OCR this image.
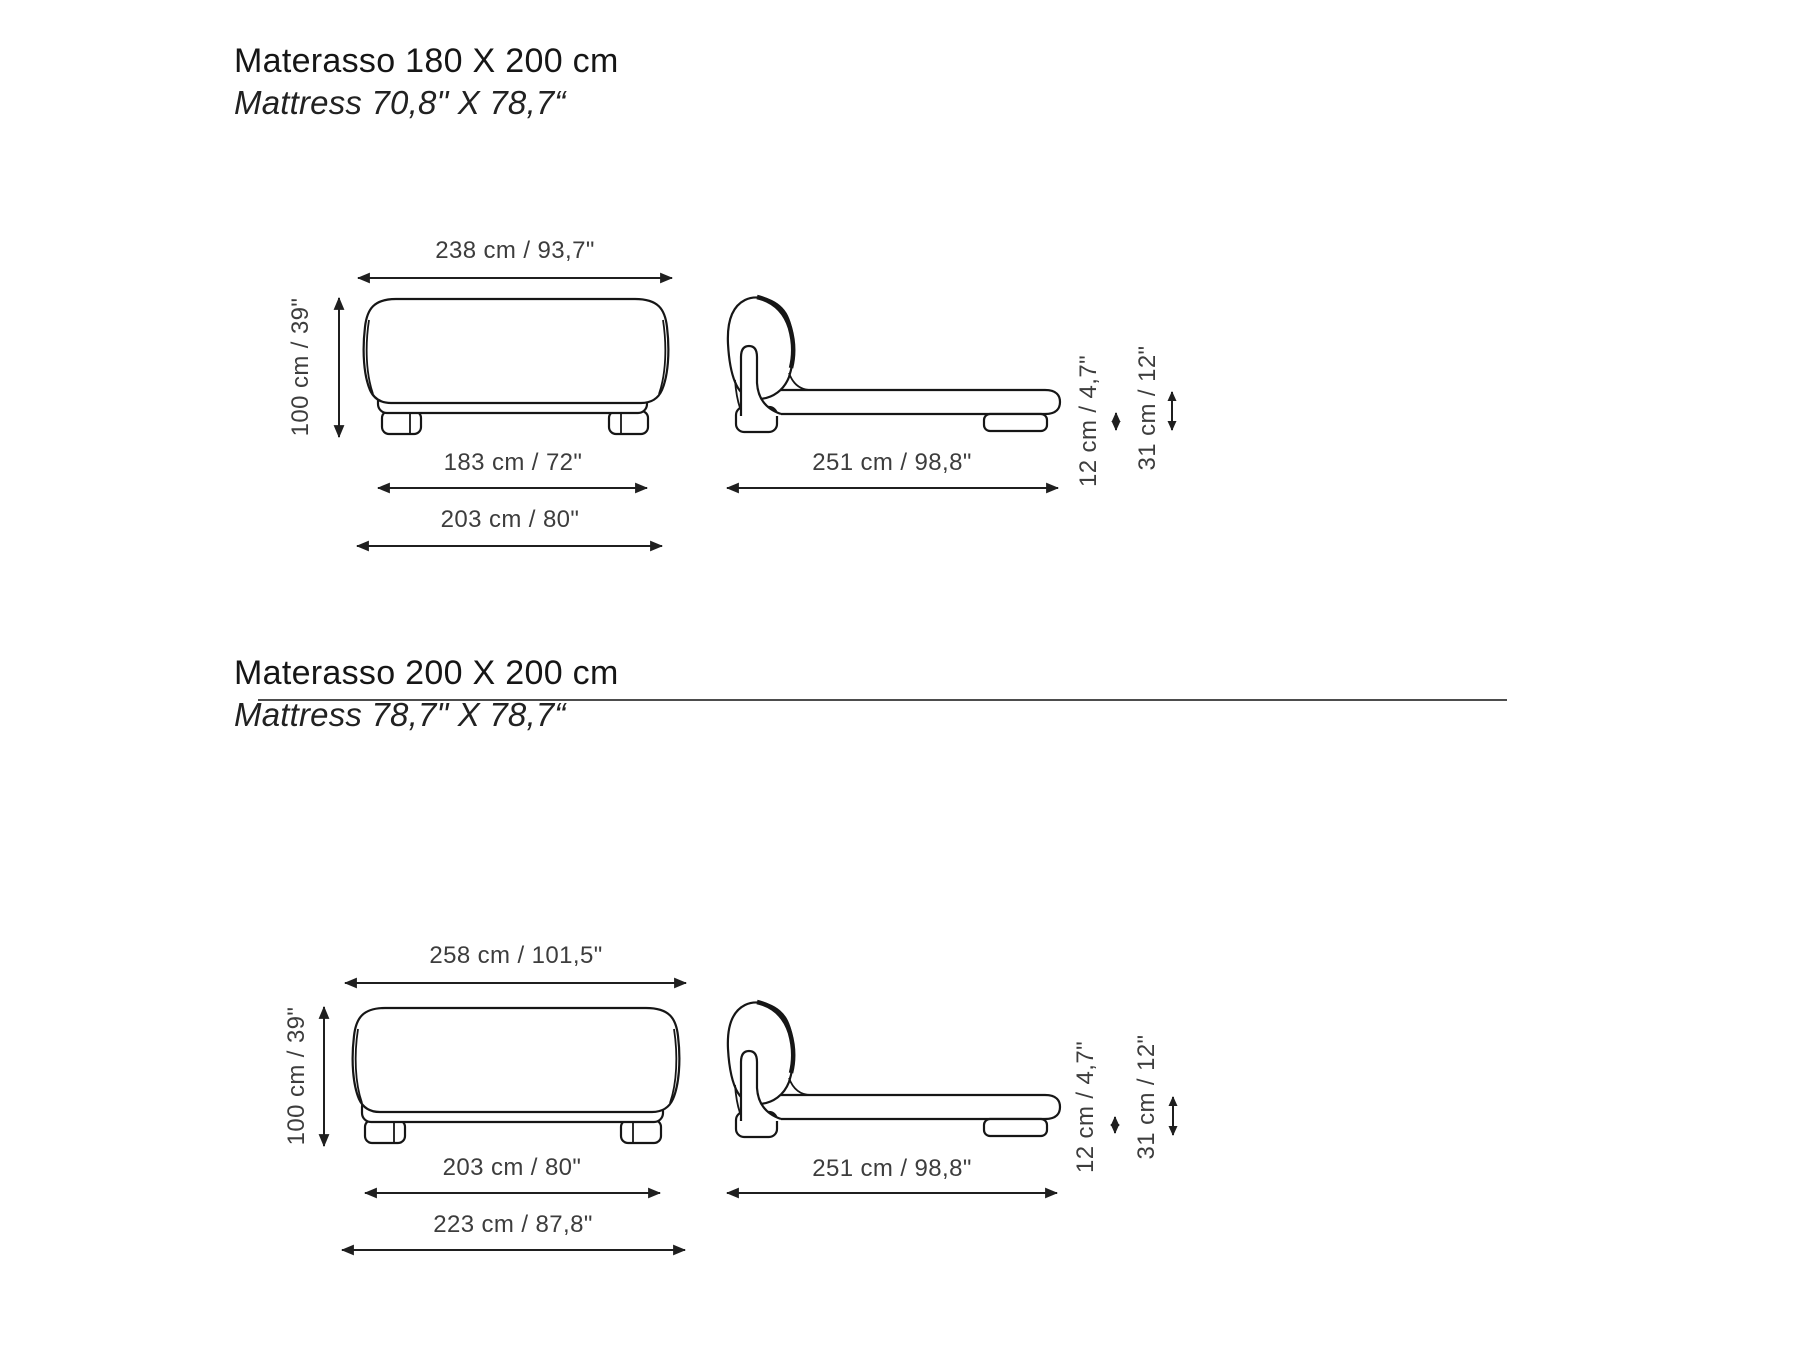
Materasso 180 X 200 cm
Mattress 70,8" X 78,7“
238 cm / 93,7"
100 cm / 39"
183 cm / 72"
203 cm / 80"
251 cm / 98,8"	12 cm / 4,7" 31 cm / 12"
Materasso 200 X 200 cm
Mattress 78,7" X 78,7“
258 cm / 101,5"
100 cm / 39"
203 cm / 80"
223 cm / 87,8"
251 cm / 98,8"	12 cm / 4,7" 31 cm / 12"
